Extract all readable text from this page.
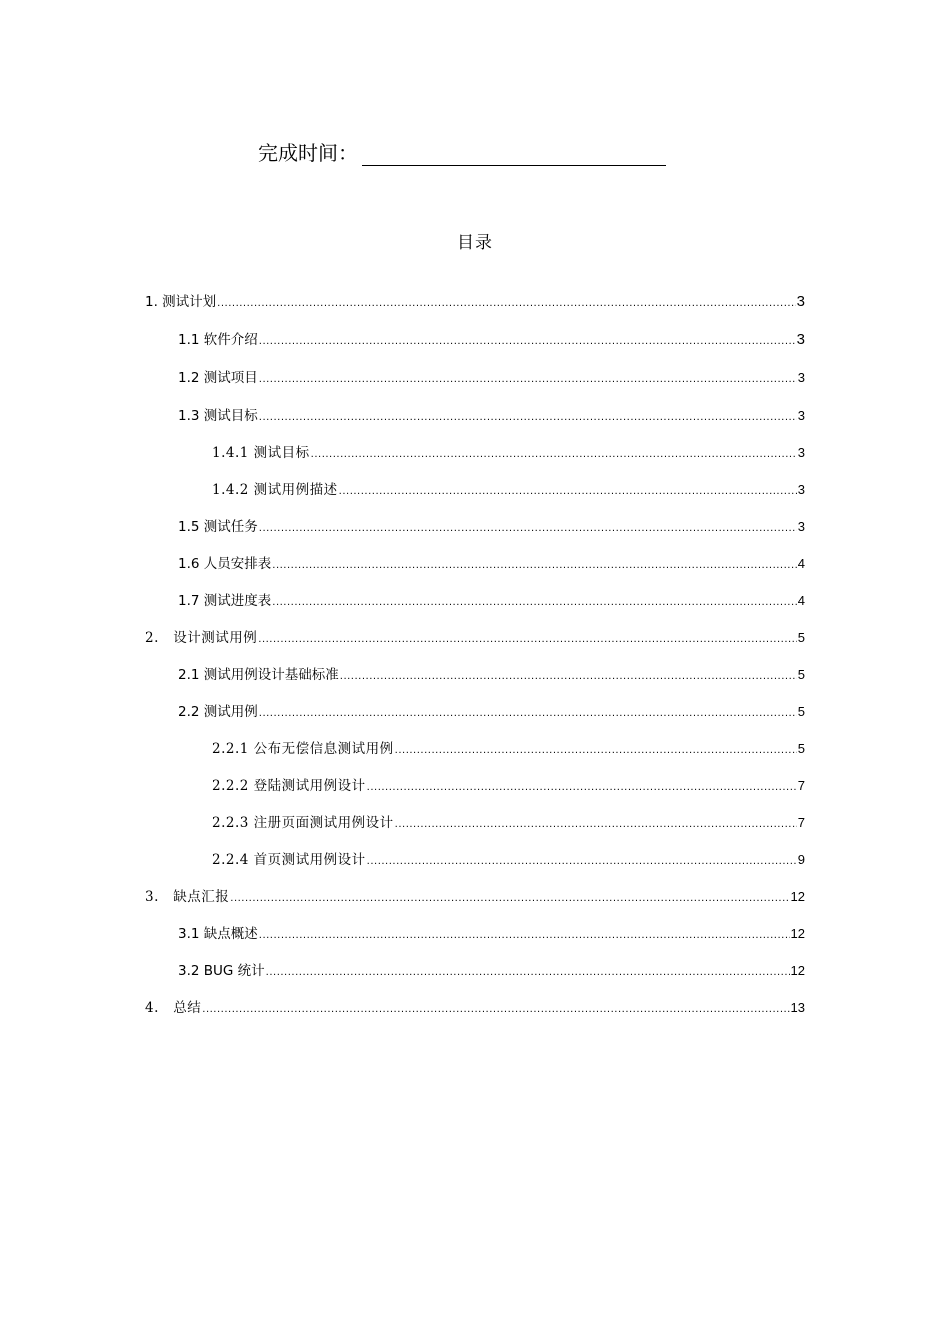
完成时间：
目录
1. 测试计划 .....	3
1.1 软件介绍 .....	3
1.2 测试项目 .....	3
1.3 测试目标 .....	3
1.4.1 测试目标 .....	3
1.4.2 测试用例描述 .....	3
1.5 测试任务 .....	3
1.6 人员安排表 .....	4
1.7 测试进度表 .....	4
2.   设计测试用例 .....	5
2.1 测试用例设计基础标准 .....	5
2.2 测试用例 .....	5
2.2.1 公布无偿信息测试用例 .....	5
2.2.2 登陆测试用例设计 .....	7
2.2.3 注册页面测试用例设计 .....	7
2.2.4 首页测试用例设计 .....	9
3.   缺点汇报 .....	12
3.1 缺点概述 .....	12
3.2 BUG 统计 .....	12
4.   总结 .....	13
